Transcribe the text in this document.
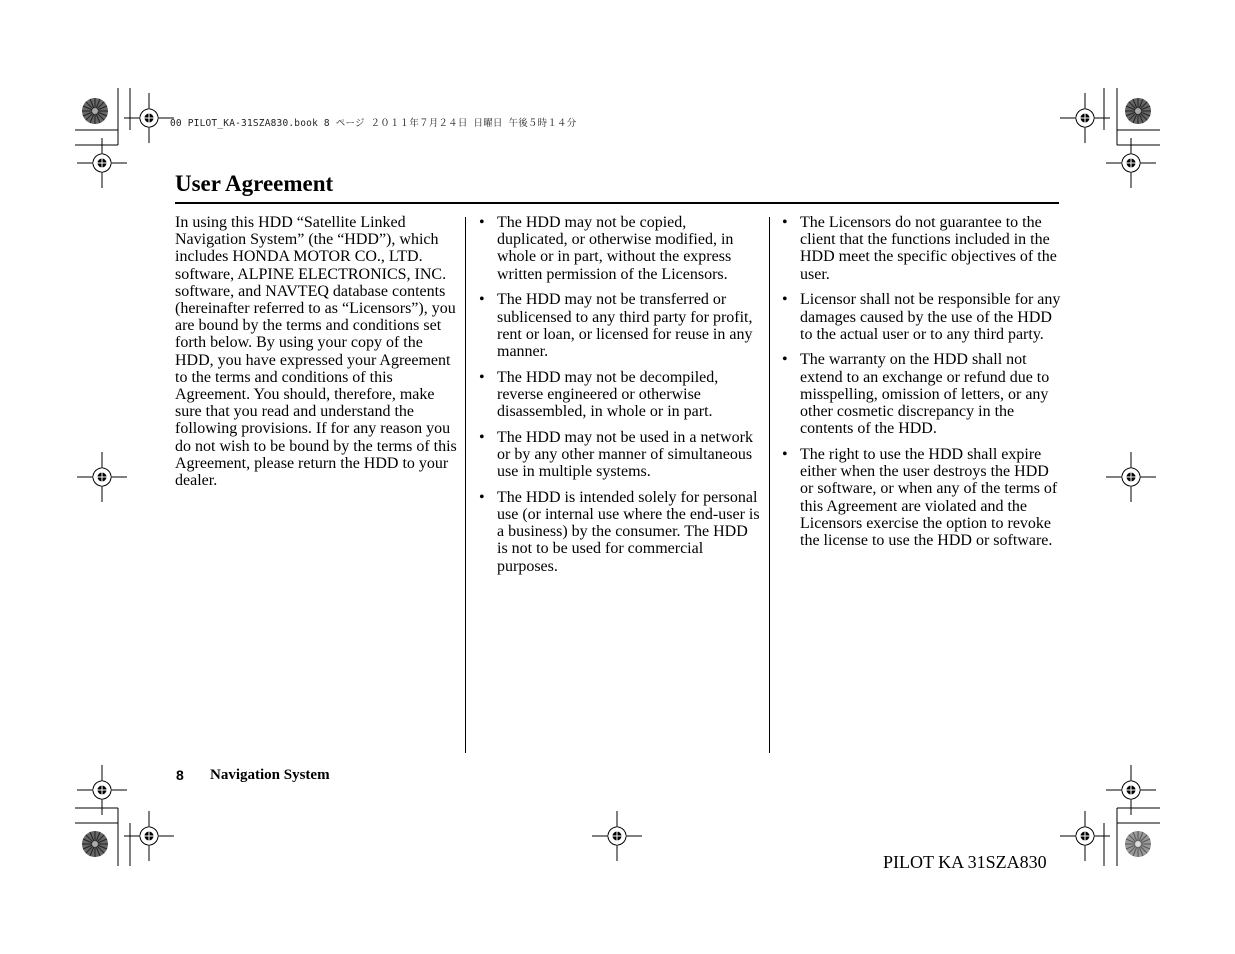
00 PILOT_KA-31SZA830.book 8 ページ ２０１１年７月２４日 日曜日 午後５時１４分
User Agreement

In using this HDD “Satellite Linked Navigation System” (the “HDD”), which includes HONDA MOTOR CO., LTD. software, ALPINE ELECTRONICS, INC. software, and NAVTEQ database contents (hereinafter referred to as “Licensors”), you are bound by the terms and conditions set forth below. By using your copy of the HDD, you have expressed your Agreement to the terms and conditions of this Agreement. You should, therefore, make sure that you read and understand the following provisions. If for any reason you do not wish to be bound by the terms of this Agreement, please return the HDD to your dealer.

• The HDD may not be copied, duplicated, or otherwise modified, in whole or in part, without the express written permission of the Licensors.
• The HDD may not be transferred or sublicensed to any third party for profit, rent or loan, or licensed for reuse in any manner.
• The HDD may not be decompiled, reverse engineered or otherwise disassembled, in whole or in part.
• The HDD may not be used in a network or by any other manner of simultaneous use in multiple systems.
• The HDD is intended solely for personal use (or internal use where the end-user is a business) by the consumer. The HDD is not to be used for commercial purposes.
• The Licensors do not guarantee to the client that the functions included in the HDD meet the specific objectives of the user.
• Licensor shall not be responsible for any damages caused by the use of the HDD to the actual user or to any third party.
• The warranty on the HDD shall not extend to an exchange or refund due to misspelling, omission of letters, or any other cosmetic discrepancy in the contents of the HDD.
• The right to use the HDD shall expire either when the user destroys the HDD or software, or when any of the terms of this Agreement are violated and the Licensors exercise the option to revoke the license to use the HDD or software.
8 Navigation System
PILOT KA 31SZA830
